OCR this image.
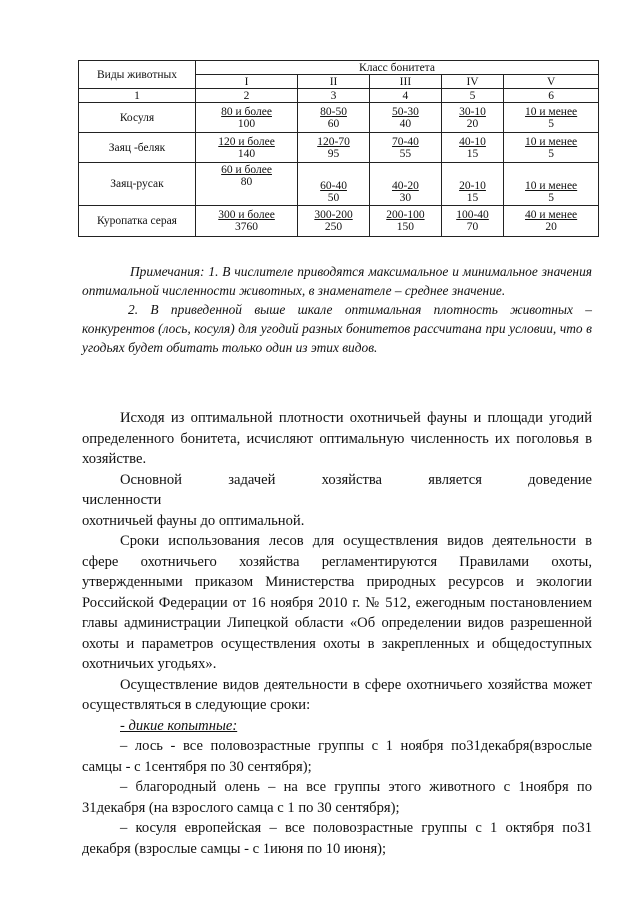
Виды животных	Класс бонитета				
	I	II	III	IV	V
1	2	3	4	5	6
Косуля	$\frac{\text{80 и более}}{100}$	$\frac{80-50}{60}$	$\frac{50-30}{40}$	$\frac{30-10}{20}$	$\frac{\text{10 и менее}}{5}$

Заяц -беляк	$\frac{\text{120 и более}}{140}$	$\frac{120-70}{95}$	$\frac{70-40}{55}$	$\frac{40-10}{15}$	$\frac{\text{10 и менее}}{5}$

Заяц-русак	$\frac{\text{60 и более}}{80}$	$\frac{60-40}{50}$	$\frac{40-20}{30}$	$\frac{20-10}{15}$	$\frac{\text{10 и менее}}{5}$

Куропатка серая	$\frac{\text{300 и более}}{3760}$	$\frac{300-200}{250}$	$\frac{200-100}{150}$	$\frac{100-40}{70}$	$\frac{\text{40 и менее}}{20}$

Примечания: 1. В числителе приводятся максимальное и минимальное значения оптимальной численности животных, в знаменателе – среднее значение.

2. В приведенной выше шкале оптимальная плотность животных – конкурентов (лось, косуля) для угодий разных бонитетов рассчитана при условии, что в угодьях будет обитать только один из этих видов.

Исходя из оптимальной плотности охотничьей фауны и площади угодий определенного бонитета, исчисляют оптимальную численность их поголовья в хозяйстве.

Основной задачей хозяйства является доведение численности

охотничьей фауны до оптимальной.

Сроки использования лесов для осуществления видов деятельности в сфере охотничьего хозяйства регламентируются Правилами охоты, утвержденными приказом Министерства природных ресурсов и экологии Российской Федерации от 16 ноября 2010 г. № 512, ежегодным постановлением главы администрации Липецкой области «Об определении видов разрешенной охоты и параметров осуществления охоты в закрепленных и общедоступных охотничьих угодьях».

Осуществление видов деятельности в сфере охотничьего хозяйства может осуществляться в следующие сроки:

- дикие копытные:

– лось - все половозрастные группы с 1 ноября по31декабря(взрослые самцы - с 1сентября по 30 сентября);

– благородный олень – на все группы этого животного с 1ноября по 31декабря (на взрослого самца с 1 по 30 сентября);

– косуля европейская – все половозрастные группы с 1 октября по31 декабря (взрослые самцы - с 1июня по 10 июня);
